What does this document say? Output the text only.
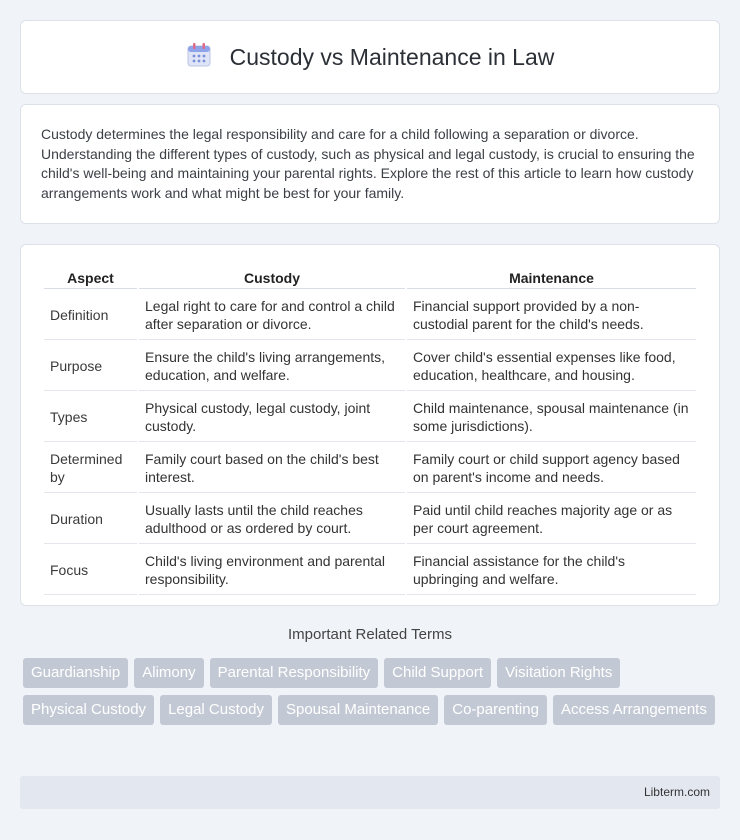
Custody vs Maintenance in Law

Custody determines the legal responsibility and care for a child following a separation or divorce. Understanding the different types of custody, such as physical and legal custody, is crucial to ensuring the child's well-being and maintaining your parental rights. Explore the rest of this article to learn how custody arrangements work and what might be best for your family.

Aspect	Custody	Maintenance
Definition	Legal right to care for and control a child after separation or divorce.	Financial support provided by a non-custodial parent for the child's needs.
Purpose	Ensure the child's living arrangements, education, and welfare.	Cover child's essential expenses like food, education, healthcare, and housing.
Types	Physical custody, legal custody, joint custody.	Child maintenance, spousal maintenance (in some jurisdictions).
Determined by	Family court based on the child's best interest.	Family court or child support agency based on parent's income and needs.
Duration	Usually lasts until the child reaches adulthood or as ordered by court.	Paid until child reaches majority age or as per court agreement.
Focus	Child's living environment and parental responsibility.	Financial assistance for the child's upbringing and welfare.
Important Related Terms
Guardianship	Alimony	Parental Responsibility	Child Support	Visitation Rights
Physical Custody	Legal Custody	Spousal Maintenance	Co-parenting	Access Arrangements
Libterm.com
